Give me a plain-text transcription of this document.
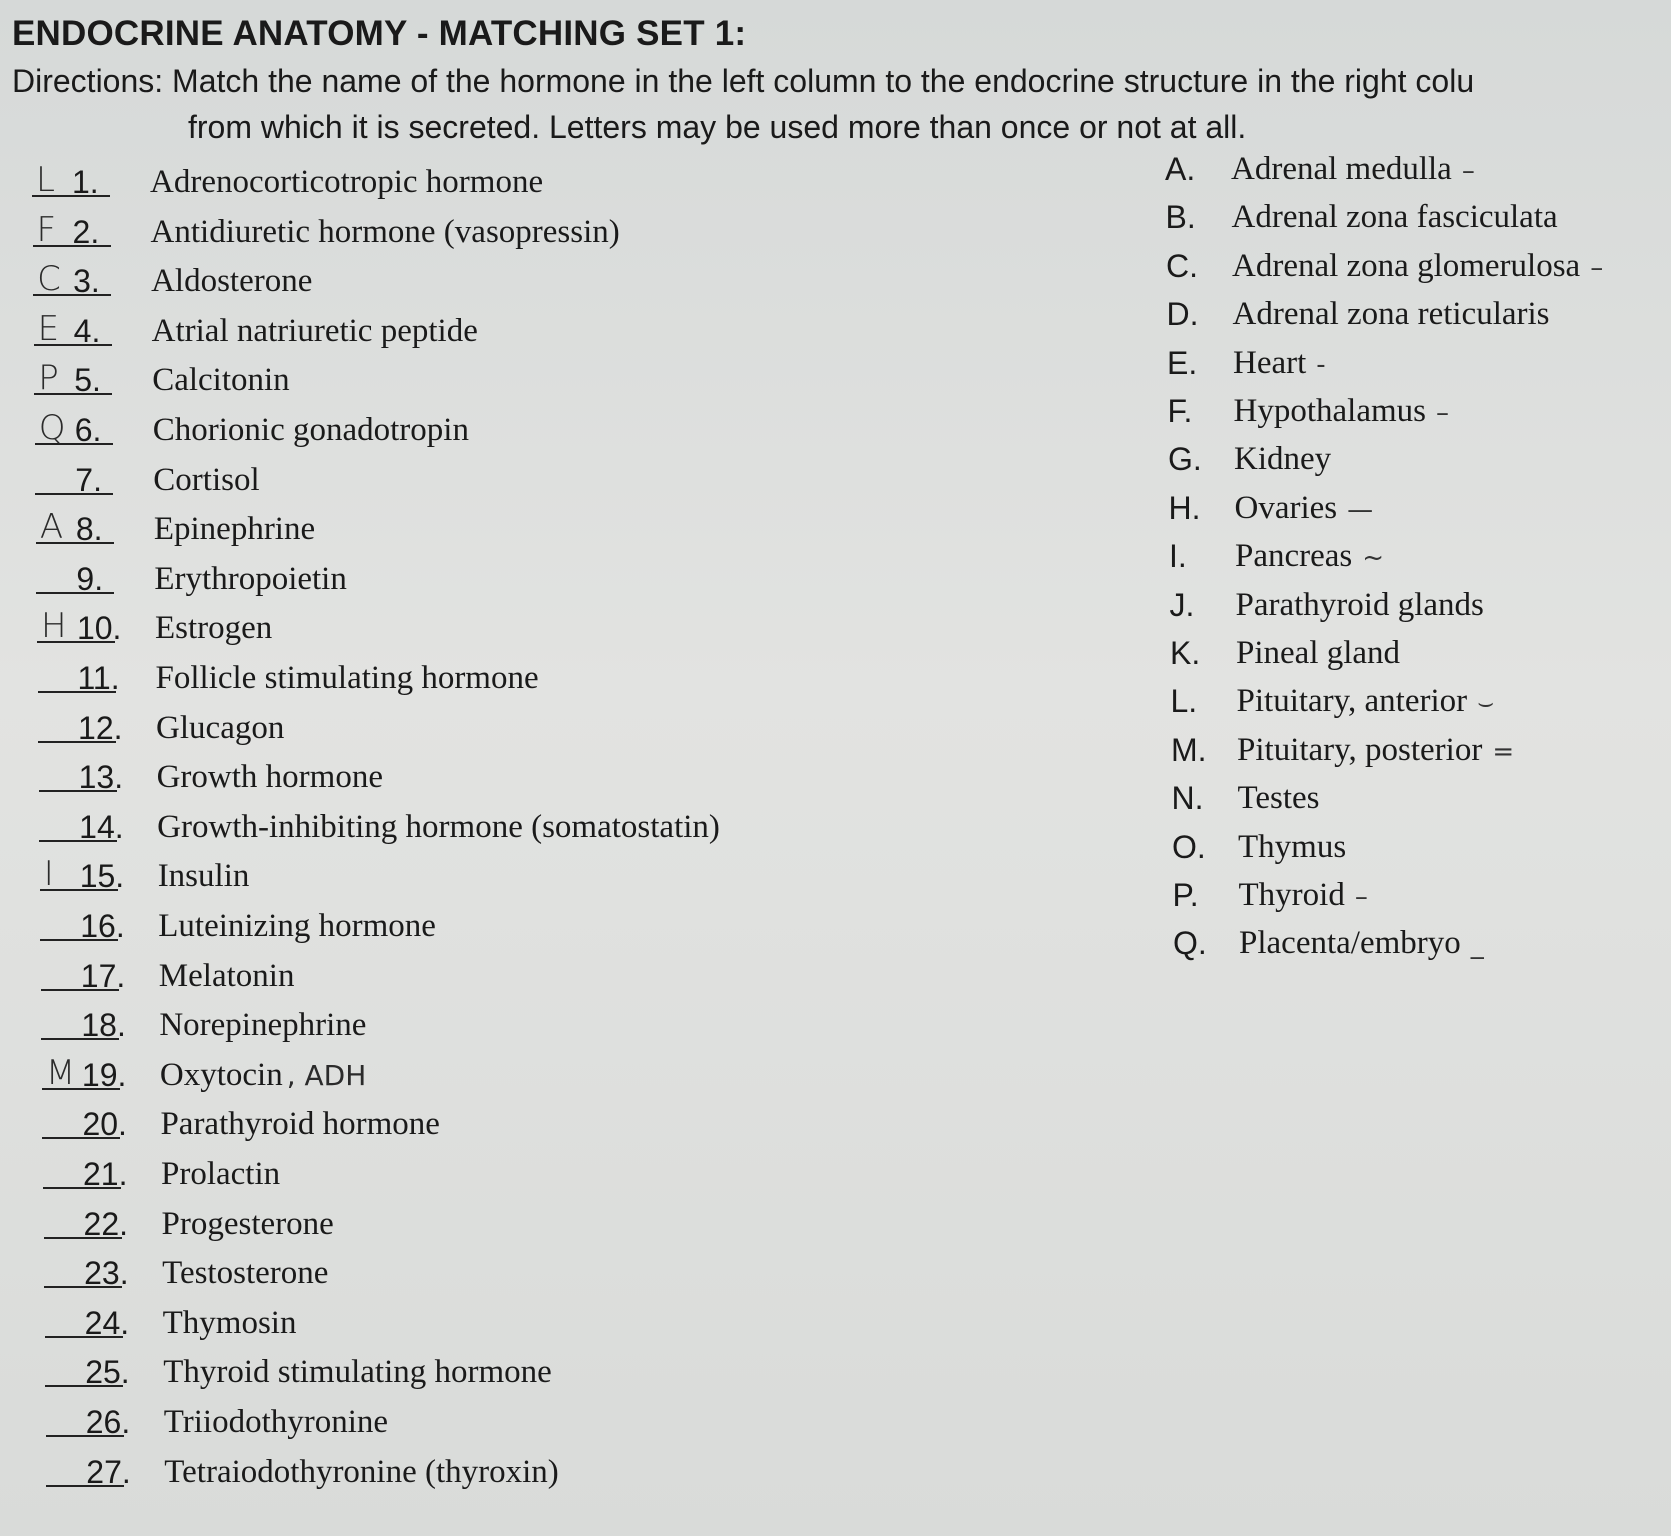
ENDOCRINE ANATOMY - MATCHING SET 1:
Directions: Match the name of the hormone in the left column to the endocrine structure in the right colu
from which it is secreted. Letters may be used more than once or not at all.
L 1. Adrenocorticotropic hormone
F 2. Antidiuretic hormone (vasopressin)
C 3. Aldosterone
E 4. Atrial natriuretic peptide
P 5. Calcitonin
Q 6. Chorionic gonadotropin
7. Cortisol
A 8. Epinephrine
9. Erythropoietin
H 10. Estrogen
11. Follicle stimulating hormone
12. Glucagon
13. Growth hormone
14. Growth-inhibiting hormone (somatostatin)
I 15. Insulin
16. Luteinizing hormone
17. Melatonin
18. Norepinephrine
M 19. Oxytocin , ADH
20. Parathyroid hormone
21. Prolactin
22. Progesterone
23. Testosterone
24. Thymosin
25. Thyroid stimulating hormone
26. Triiodothyronine
27. Tetraiodothyronine (thyroxin)
A. Adrenal medulla –
B. Adrenal zona fasciculata
C. Adrenal zona glomerulosa –
D. Adrenal zona reticularis
E. Heart -
F. Hypothalamus –
G. Kidney
H. Ovaries —
I. Pancreas ~
J. Parathyroid glands
K. Pineal gland
L. Pituitary, anterior ⌣
M. Pituitary, posterior =
N. Testes
O. Thymus
P. Thyroid –
Q. Placenta/embryo _
